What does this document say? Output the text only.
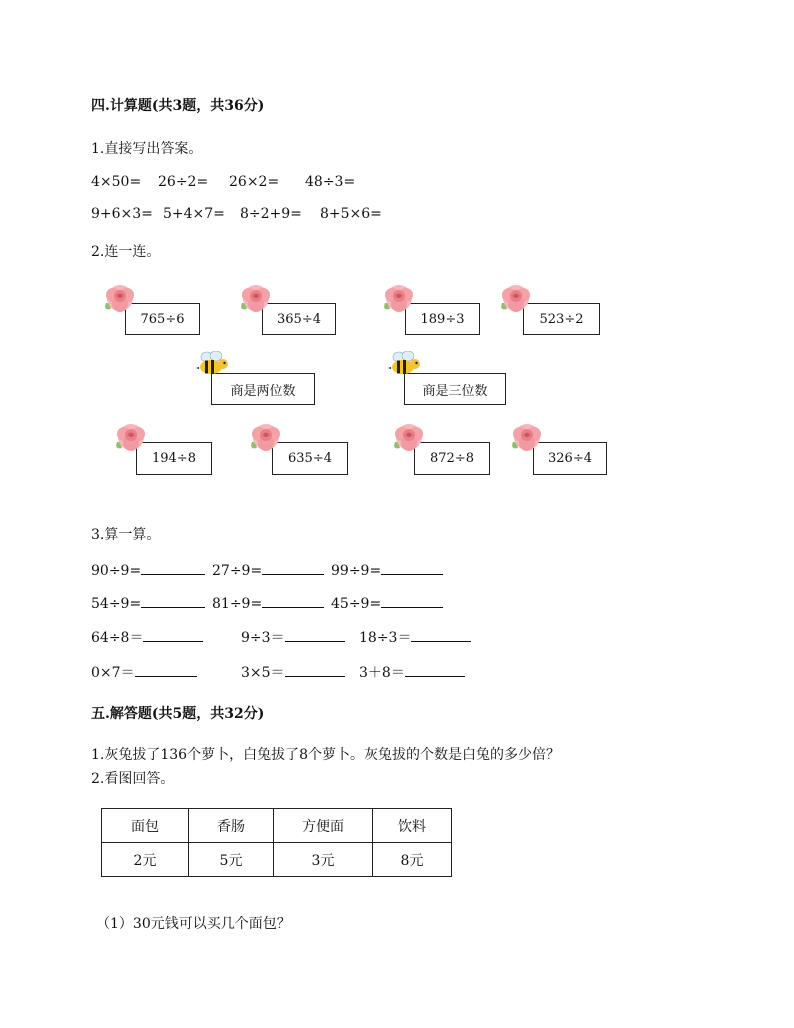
四.计算题(共3题，共36分)
1.直接写出答案。
4×50= 26÷2= 26×2= 48÷3=
9+6×3= 5+4×7= 8÷2+9= 8+5×6=
2.连一连。
765÷6	365÷4	189÷3	523÷2
商是两位数	商是三位数
194÷8	635÷4	872÷8	326÷4
3.算一算。
90÷9=	27÷9=	99÷9=
54÷9=	81÷9=	45÷9=
64÷8＝	9÷3＝	18÷3＝
0×7＝	3×5＝	3＋8＝
五.解答题(共5题，共32分)
1.灰兔拔了136个萝卜，白兔拔了8个萝卜。灰兔拔的个数是白兔的多少倍？
2.看图回答。
面包	香肠	方便面	饮料
2元	5元	3元	8元
（1）30元钱可以买几个面包？
